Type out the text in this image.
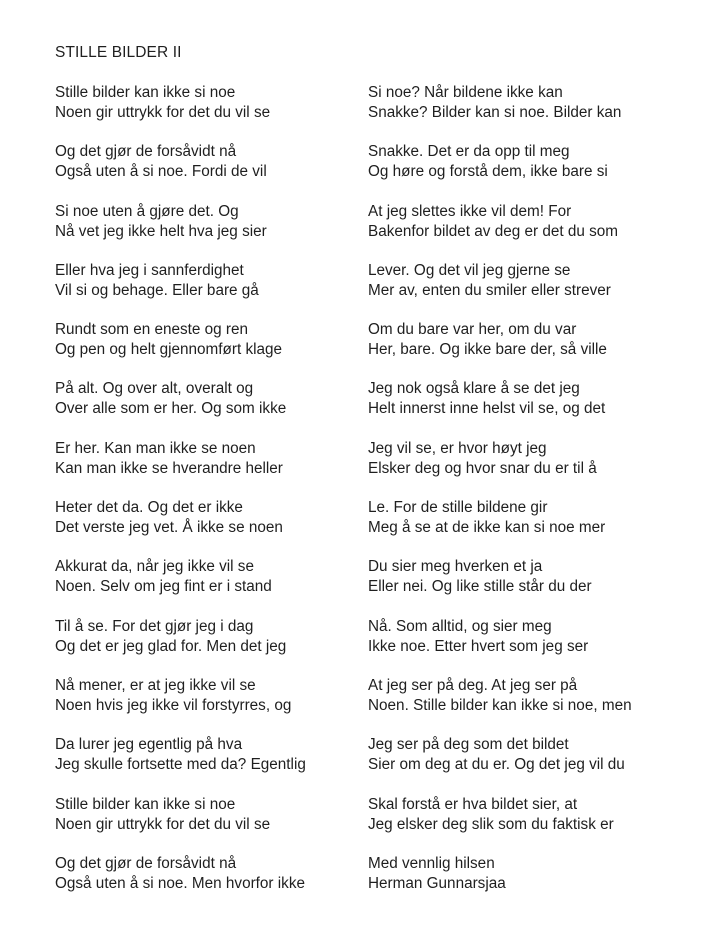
STILLE BILDER II
Stille bilder kan ikke si noe
Noen gir uttrykk for det du vil se
Og det gjør de forsåvidt nå
Også uten å si noe. Fordi de vil
Si noe uten å gjøre det. Og
Nå vet jeg ikke helt hva jeg sier
Eller hva jeg i sannferdighet
Vil si og behage. Eller bare gå
Rundt som en eneste og ren
Og pen og helt gjennomført klage
På alt. Og over alt, overalt og
Over alle som er her. Og som ikke
Er her. Kan man ikke se noen
Kan man ikke se hverandre heller
Heter det da. Og det er ikke
Det verste jeg vet. Å ikke se noen
Akkurat da, når jeg ikke vil se
Noen. Selv om jeg fint er i stand
Til å se. For det gjør jeg i dag
Og det er jeg glad for. Men det jeg
Nå mener, er at jeg ikke vil se
Noen hvis jeg ikke vil forstyrres, og
Da lurer jeg egentlig på hva
Jeg skulle fortsette med da? Egentlig
Stille bilder kan ikke si noe
Noen gir uttrykk for det du vil se
Og det gjør de forsåvidt nå
Også uten å si noe. Men hvorfor ikke
Si noe? Når bildene ikke kan
Snakke? Bilder kan si noe. Bilder kan
Snakke. Det er da opp til meg
Og høre og forstå dem, ikke bare si
At jeg slettes ikke vil dem! For
Bakenfor bildet av deg er det du som
Lever. Og det vil jeg gjerne se
Mer av, enten du smiler eller strever
Om du bare var her, om du var
Her, bare. Og ikke bare der, så ville
Jeg nok også klare å se det jeg
Helt innerst inne helst vil se, og det
Jeg vil se, er hvor høyt jeg
Elsker deg og hvor snar du er til å
Le. For de stille bildene gir
Meg å se at de ikke kan si noe mer
Du sier meg hverken et ja
Eller nei. Og like stille står du der
Nå. Som alltid, og sier meg
Ikke noe. Etter hvert som jeg ser
At jeg ser på deg. At jeg ser på
Noen. Stille bilder kan ikke si noe, men
Jeg ser på deg som det bildet
Sier om deg at du er. Og det jeg vil du
Skal forstå er hva bildet sier, at
Jeg elsker deg slik som du faktisk er
Med vennlig hilsen
Herman Gunnarsjaa
